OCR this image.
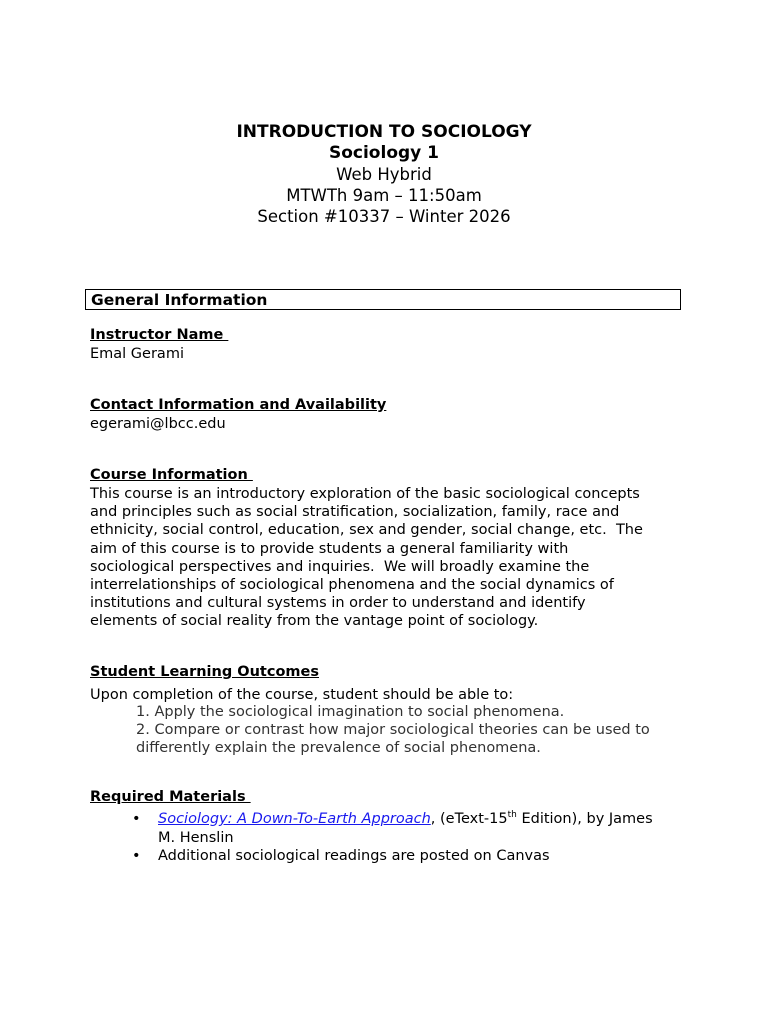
INTRODUCTION TO SOCIOLOGY
Sociology 1
Web Hybrid
MTWTh 9am – 11:50am
Section #10337 – Winter 2026
General Information
Instructor Name
Emal Gerami
Contact Information and Availability
egerami@lbcc.edu
Course Information
This course is an introductory exploration of the basic sociological concepts
and principles such as social stratification, socialization, family, race and
ethnicity, social control, education, sex and gender, social change, etc.  The
aim of this course is to provide students a general familiarity with
sociological perspectives and inquiries.  We will broadly examine the
interrelationships of sociological phenomena and the social dynamics of
institutions and cultural systems in order to understand and identify
elements of social reality from the vantage point of sociology.
Student Learning Outcomes
Upon completion of the course, student should be able to:
1. Apply the sociological imagination to social phenomena.
2. Compare or contrast how major sociological theories can be used to
differently explain the prevalence of social phenomena.
Required Materials
• Sociology: A Down-To-Earth Approach, (eText-15th Edition), by James
M. Henslin
• Additional sociological readings are posted on Canvas
